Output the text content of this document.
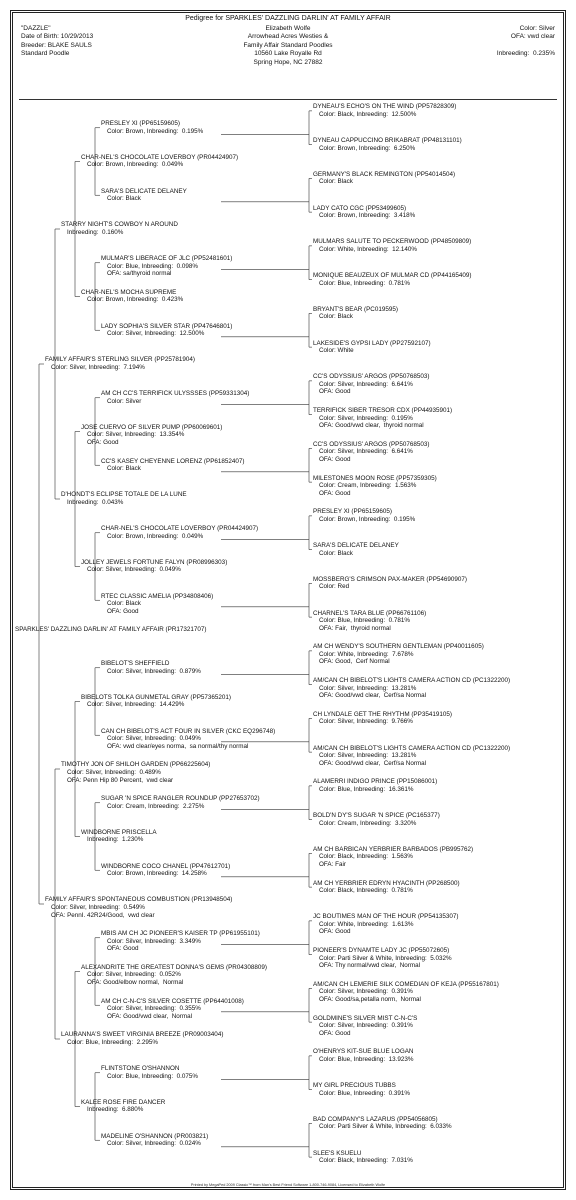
Pedigree for SPARKLES' DAZZLING DARLIN' AT FAMILY AFFAIR
"DAZZLE"
Date of Birth: 10/29/2013
Breeder: BLAKE SAULS
Standard Poodle
Elizabeth Wolfe
Arrowhead Acres Westies &
Family Affair Standard Poodles
10560 Lake Royalle Rd
Spring Hope, NC 27882
Color: Silver
OFA: vwd clear
Inbreeding:  0.235%
SPARKLES' DAZZLING DARLIN' AT FAMILY AFFAIR (PR17321707)
FAMILY AFFAIR'S STERLING SILVER (PP25781904)
Color: Silver, Inbreeding:  7.194%
FAMILY AFFAIR'S SPONTANEOUS COMBUSTION (PR13948504)
Color: Silver, Inbreeding:  0.549%
OFA: PennI. 42R24/Good,  vwd clear
STARRY NIGHT'S COWBOY N AROUND
Inbreeding:  0.160%
D'HONDT'S ECLIPSE TOTALE DE LA LUNE
Inbreeding:  0.043%
TIMOTHY JON OF SHILOH GARDEN (PP66225604)
Color: Silver, Inbreeding:  0.489%
OFA: Penn Hip 80 Percent,  vwd clear
LAURANNA'S SWEET VIRGINIA BREEZE (PR09003404)
Color: Blue, Inbreeding:  2.295%
CHAR-NEL'S CHOCOLATE LOVERBOY (PR04424907)
Color: Brown, Inbreeding:  0.049%
CHAR-NEL'S MOCHA SUPREME
Color: Brown, Inbreeding:  0.423%
JOSE CUERVO OF SILVER PUMP (PP60069601)
Color: Silver, Inbreeding:  13.354%
OFA: Good
JOLLEY JEWELS FORTUNE FALYN (PR08996303)
Color: Silver, Inbreeding:  0.049%
BIBELOTS TOLKA GUNMETAL GRAY (PP57365201)
Color: Silver, Inbreeding:  14.429%
WINDBORNE PRISCELLA
Inbreeding:  1.230%
ALEXANDRITE THE GREATEST DONNA'S GEMS (PR04308809)
Color: Silver, Inbreeding:  0.052%
OFA: Good/elbow normal,  Normal
KALEE ROSE FIRE DANCER
Inbreeding:  6.880%
PRESLEY XI (PP65159605)
Color: Brown, Inbreeding:  0.195%
SARA'S DELICATE DELANEY
Color: Black
MULMAR'S LIBERACE OF JLC (PP52481601)
Color: Blue, Inbreeding:  0.098%
OFA: sa/thyroid normal
LADY SOPHIA'S SILVER STAR (PP47646801)
Color: Silver, Inbreeding:  12.500%
AM CH CC'S TERRIFICK ULYSSSES (PP59331304)
Color: Silver
CC'S KASEY CHEYENNE LORENZ (PP61852407)
Color: Black
CHAR-NEL'S CHOCOLATE LOVERBOY (PR04424907)
Color: Brown, Inbreeding:  0.049%
RTEC CLASSIC AMELIA (PP34808406)
Color: Black
OFA: Good
BIBELOT'S SHEFFIELD
Color: Silver, Inbreeding:  0.879%
CAN CH BIBELOT'S ACT FOUR IN SILVER (CKC EQ296748)
Color: Silver, Inbreeding:  0.049%
OFA: vwd clear/eyes norma,  sa normal/thy normal
SUGAR 'N SPICE RANGLER ROUNDUP (PP27653702)
Color: Cream, Inbreeding:  2.275%
WINDBORNE COCO CHANEL (PP47612701)
Color: Brown, Inbreeding:  14.258%
MBIS AM CH JC PIONEER'S KAISER TP (PP61955101)
Color: Silver, Inbreeding:  3.349%
OFA: Good
AM CH C-N-C'S SILVER COSETTE (PP64401008)
Color: Silver, Inbreeding:  0.355%
OFA: Good/vwd clear,  Normal
FLINTSTONE O'SHANNON
Color: Blue, Inbreeding:  0.075%
MADELINE O'SHANNON (PR003821)
Color: Silver, Inbreeding:  0.024%
DYNEAU'S ECHO'S ON THE WIND (PP57828309)
Color: Black, Inbreeding:  12.500%
DYNEAU CAPPUCCINO BRIKABRAT (PP48131101)
Color: Brown, Inbreeding:  6.250%
GERMANY'S BLACK REMINGTON (PP54014504)
Color: Black
LADY CATO CGC (PP53499605)
Color: Brown, Inbreeding:  3.418%
MULMARS SALUTE TO PECKERWOOD (PP48509809)
Color: White, Inbreeding:  12.140%
MONIQUE BEAUZEUX OF MULMAR CD (PP44165409)
Color: Blue, Inbreeding:  0.781%
BRYANT'S BEAR (PC019595)
Color: Black
LAKESIDE'S GYPSI LADY (PP27592107)
Color: White
CC'S ODYSSIUS' ARGOS (PP50768503)
Color: Silver, Inbreeding:  6.641%
OFA: Good
TERRIFICK SIBER TRESOR CDX (PP44935901)
Color: Silver, Inbreeding:  0.195%
OFA: Good/vwd clear,  thyroid normal
CC'S ODYSSIUS' ARGOS (PP50768503)
Color: Silver, Inbreeding:  6.641%
OFA: Good
MILESTONES MOON ROSE (PP57359305)
Color: Cream, Inbreeding:  1.563%
OFA: Good
PRESLEY XI (PP65159605)
Color: Brown, Inbreeding:  0.195%
SARA'S DELICATE DELANEY
Color: Black
MOSSBERG'S CRIMSON PAX-MAKER (PP54690907)
Color: Red
CHARNEL'S TARA BLUE (PP66761106)
Color: Blue, Inbreeding:  0.781%
OFA: Fair,  thyroid normal
AM CH WENDY'S SOUTHERN GENTLEMAN (PP40011605)
Color: White, Inbreeding:  7.678%
OFA: Good,  Cerf Normal
AM/CAN CH BIBELOT'S LIGHTS CAMERA ACTION CD (PC1322200)
Color: Silver, Inbreeding:  13.281%
OFA: Good/vwd clear,  Cerf/sa Normal
CH LYNDALE GET THE RHYTHM (PP35419105)
Color: Silver, Inbreeding:  9.766%
AM/CAN CH BIBELOT'S LIGHTS CAMERA ACTION CD (PC1322200)
Color: Silver, Inbreeding:  13.281%
OFA: Good/vwd clear,  Cerf/sa Normal
ALAMERRI INDIGO PRINCE (PP15086001)
Color: Blue, Inbreeding:  16.361%
BOLD'N DY'S SUGAR 'N SPICE (PC165377)
Color: Cream, Inbreeding:  3.320%
AM CH BARBICAN YERBRIER BARBADOS (PB995762)
Color: Black, Inbreeding:  1.563%
OFA: Fair
AM CH YERBRIER EDRYN HYACINTH (PP268500)
Color: Black, Inbreeding:  0.781%
JC BOUTIMES MAN OF THE HOUR (PP54135307)
Color: White, Inbreeding:  1.613%
OFA: Good
PIONEER'S DYNAMTE LADY JC (PP55072605)
Color: Parti Silver & White, Inbreeding:  5.032%
OFA: Thy normal/vwd clear,  Normal
AM/CAN CH LEMERIE SILK COMEDIAN OF KEJA (PP55167801)
Color: Silver, Inbreeding:  0.391%
OFA: Good/sa,petalla norm,  Normal
GOLDMINE'S SILVER MIST C-N-C'S
Color: Silver, Inbreeding:  0.391%
OFA: Good
O'HENRYS KIT-SUE BLUE LOGAN
Color: Blue, Inbreeding:  13.923%
MY GIRL PRECIOUS TUBBS
Color: Blue, Inbreeding:  0.391%
BAD COMPANY'S LAZARUS (PP54056805)
Color: Parti Silver & White, Inbreeding:  6.033%
SLEE'S KSUELU
Color: Black, Inbreeding:  7.031%
Printed by MegaPed 2009 Classic™ from Man's Best Friend Software 1-800-746-9084, Licensed to Elizabeth Wolfe
